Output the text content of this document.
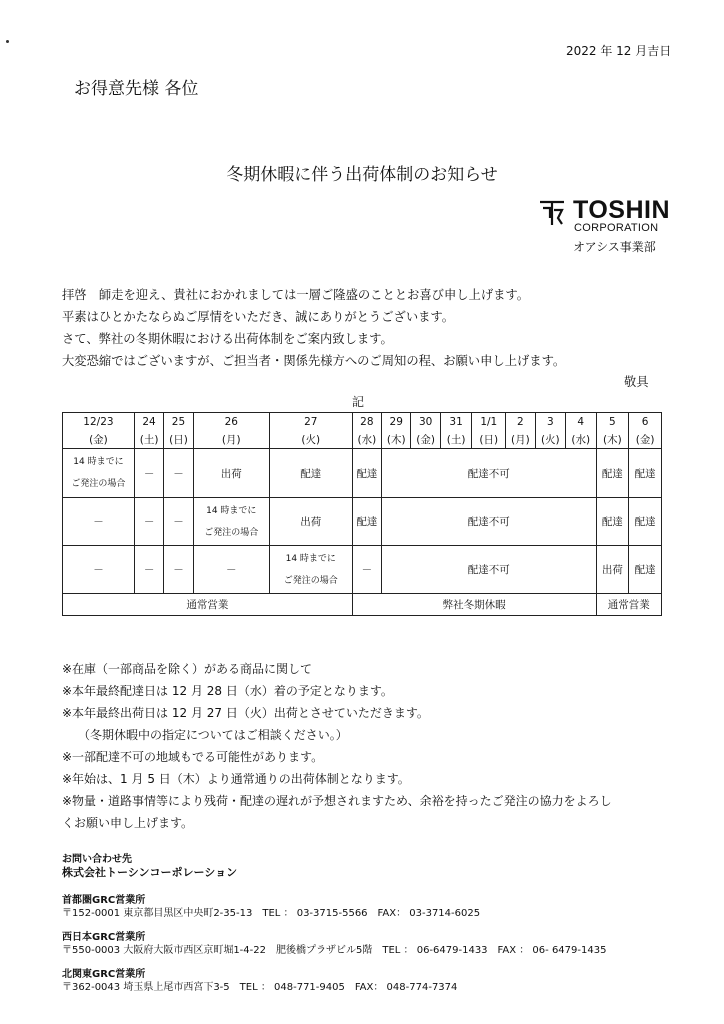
2022 年 12 月吉日
お得意先様 各位
冬期休暇に伴う出荷体制のお知らせ
TOSHIN
CORPORATION
オアシス事業部
拝啓　師走を迎え、貴社におかれましては一層ご隆盛のこととお喜び申し上げます。
平素はひとかたならぬご厚情をいただき、誠にありがとうございます。
さて、弊社の冬期休暇における出荷体制をご案内致します。
大変恐縮ではございますが、ご担当者・関係先様方へのご周知の程、お願い申し上げます。
敬具
記
12/23	24	25	26	27	28	29	30	31	1/1	2	3	4	5	6
(金)	(土)	(日)	(月)	(火)	(水)	(木)	(金)	(土)	(日)	(月)	(火)	(水)	(木)	(金)

14 時までに
ご発注の場合	－	－	出荷	配達	配達	配達不可							配達	配達
－	－	－	14 時までに
ご発注の場合	出荷	配達	配達不可							配達	配達
－	－	－	－	14 時までに
ご発注の場合	－	配達不可							出荷	配達
通常営業					弊社冬期休暇								通常営業	
※在庫（一部商品を除く）がある商品に関して
※本年最終配達日は 12 月 28 日（水）着の予定となります。
※本年最終出荷日は 12 月 27 日（火）出荷とさせていただきます。
（冬期休暇中の指定についてはご相談ください。）
※一部配達不可の地域もでる可能性があります。
※年始は、1 月 5 日（木）より通常通りの出荷体制となります。
※物量・道路事情等により残荷・配達の遅れが予想されますため、余裕を持ったご発注の協力をよろし
くお願い申し上げます。
お問い合わせ先
株式会社トーシンコーポレーション
首都圏GRC営業所
〒152-0001 東京都目黒区中央町2-35-13　TEL ： 03-3715-5566　FAX： 03-3714-6025
西日本GRC営業所
〒550-0003 大阪府大阪市西区京町堀1-4-22　肥後橋プラザビル5階　TEL ： 06-6479-1433　FAX ： 06- 6479-1435
北関東GRC営業所
〒362-0043 埼玉県上尾市西宮下3-5　TEL ： 048-771-9405　FAX： 048-774-7374
